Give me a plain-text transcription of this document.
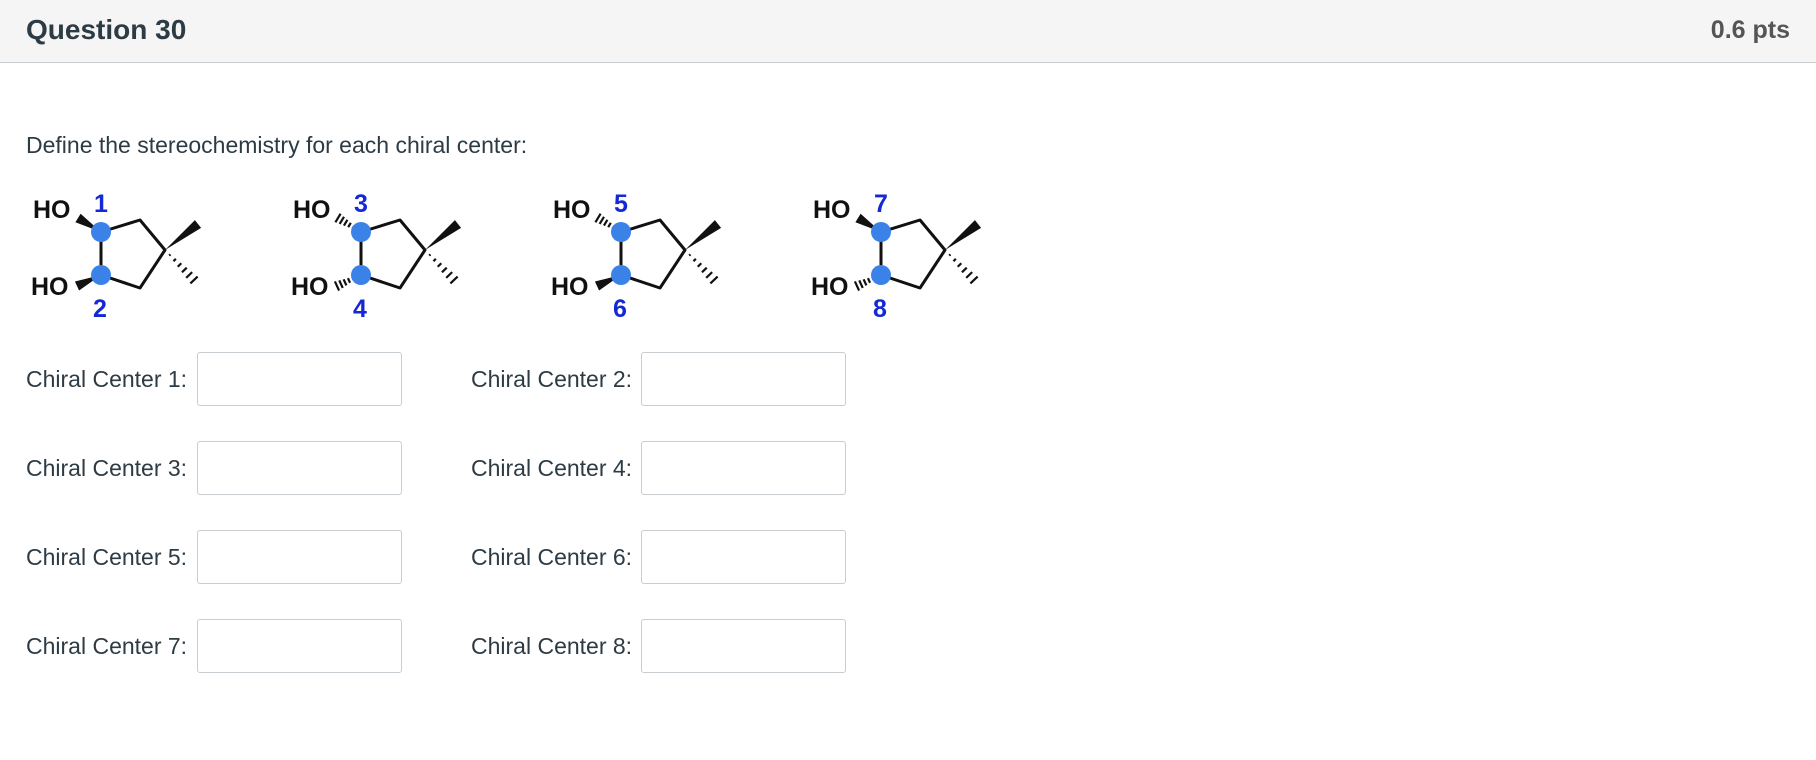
Question 30	0.6 pts
Define the stereochemistry for each chiral center:
HO
HO
1
2
HO
HO
3
4
HO
HO
5
6
HO
HO
7
8
Chiral Center 1:	Chiral Center 2:
Chiral Center 3:	Chiral Center 4:
Chiral Center 5:	Chiral Center 6:
Chiral Center 7:	Chiral Center 8:
